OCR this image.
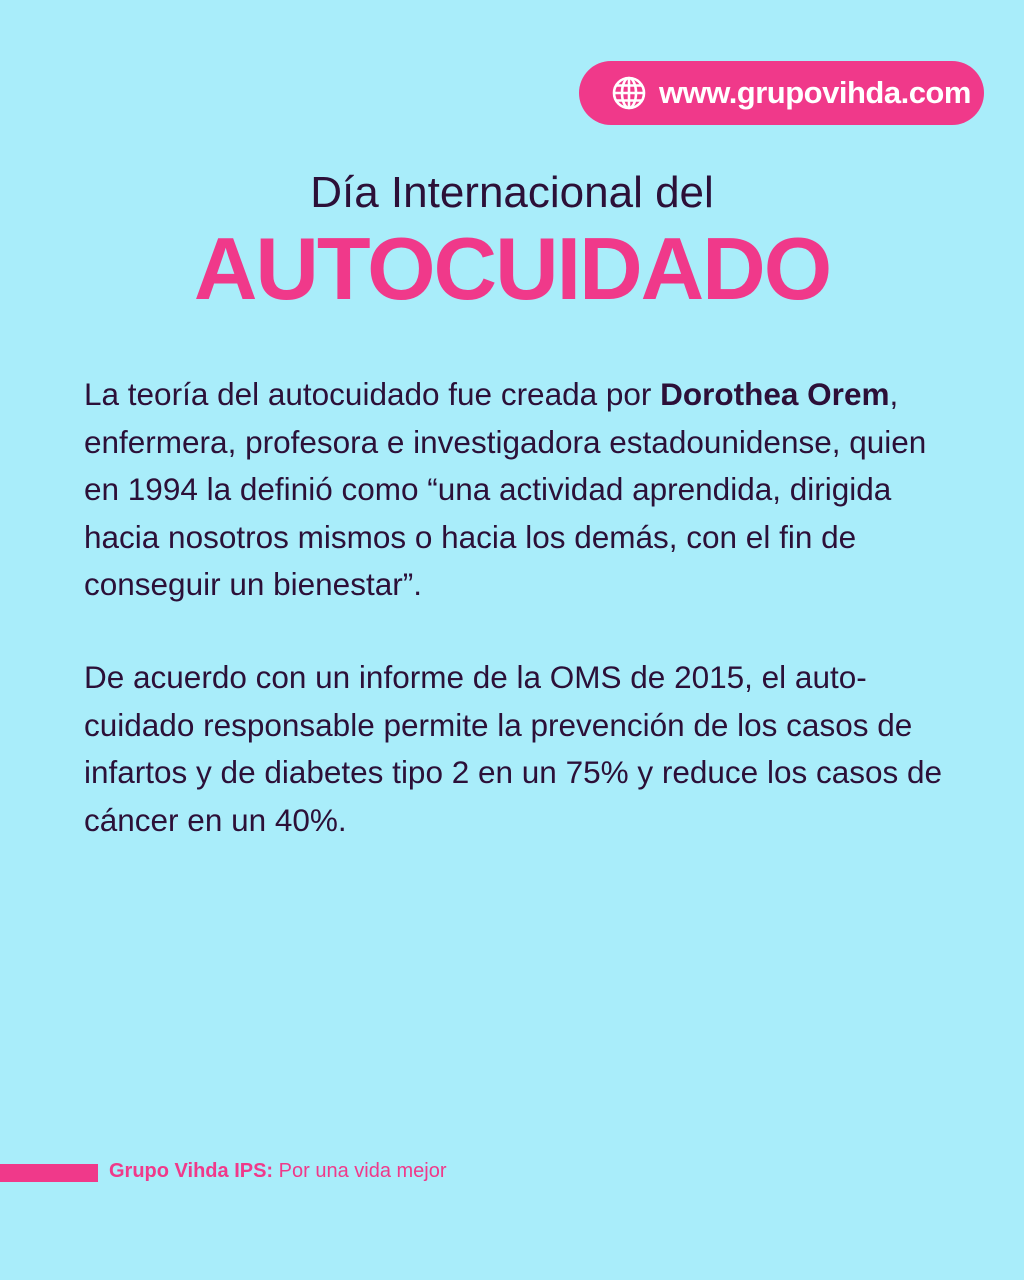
www.grupovihda.com
Día Internacional del
AUTOCUIDADO

La teoría del autocuidado fue creada por Dorothea Orem, enfermera, profesora e investigadora estadounidense, quien en 1994 la definió como “una actividad aprendida, dirigida hacia nosotros mismos o hacia los demás, con el fin de conseguir un bienestar”.

De acuerdo con un informe de la OMS de 2015, el auto-cuidado responsable permite la prevención de los casos de infartos y de diabetes tipo 2 en un 75% y reduce los casos de cáncer en un 40%.

Grupo Vihda IPS: Por una vida mejor
